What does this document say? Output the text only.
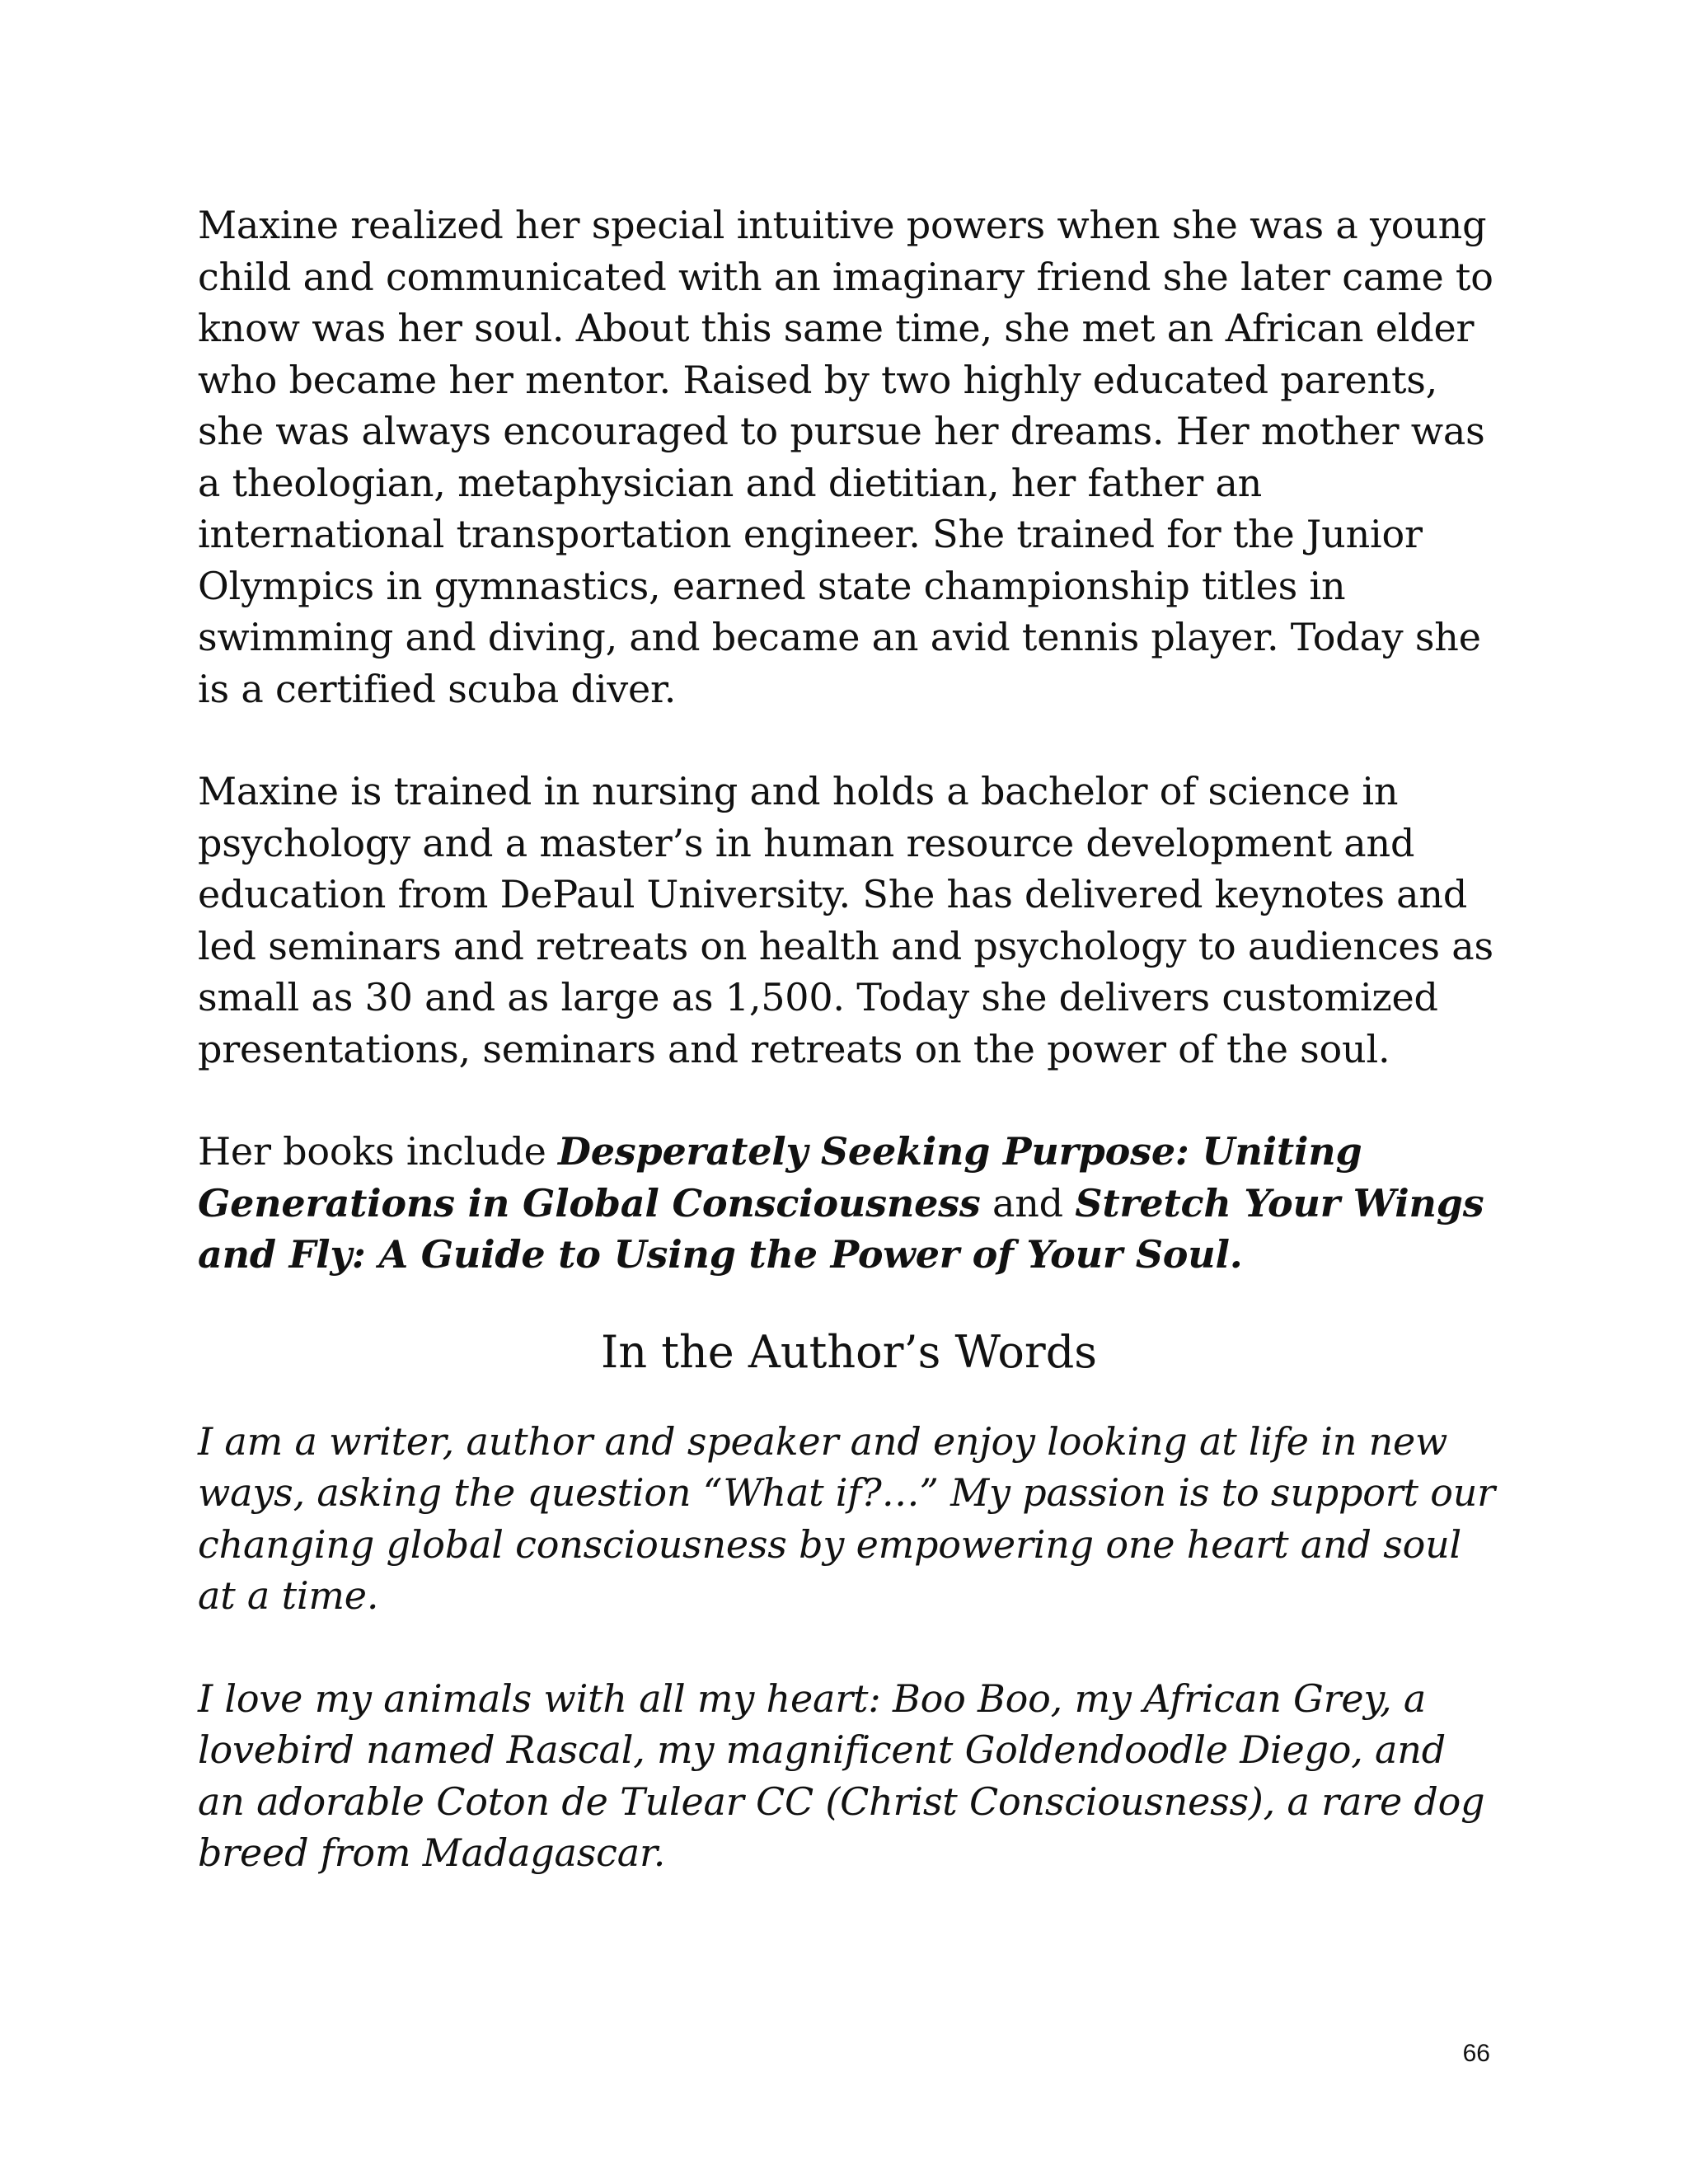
Maxine realized her special intuitive powers when she was a young child and communicated with an imaginary friend she later came to know was her soul. About this same time, she met an African elder who became her mentor. Raised by two highly educated parents, she was always encouraged to pursue her dreams. Her mother was a theologian, metaphysician and dietitian, her father an international transportation engineer. She trained for the Junior Olympics in gymnastics, earned state championship titles in swimming and diving, and became an avid tennis player. Today she is a certified scuba diver.

Maxine is trained in nursing and holds a bachelor of science in psychology and a master’s in human resource development and education from DePaul University. She has delivered keynotes and led seminars and retreats on health and psychology to audiences as small as 30 and as large as 1,500. Today she delivers customized presentations, seminars and retreats on the power of the soul.

Her books include Desperately Seeking Purpose: Uniting Generations in Global Consciousness and Stretch Your Wings and Fly: A Guide to Using the Power of Your Soul.

In the Author’s Words

I am a writer, author and speaker and enjoy looking at life in new ways, asking the question “What if?…” My passion is to support our changing global consciousness by empowering one heart and soul at a time.

I love my animals with all my heart: Boo Boo, my African Grey, a lovebird named Rascal, my magnificent Goldendoodle Diego, and an adorable Coton de Tulear CC (Christ Consciousness), a rare dog breed from Madagascar.

66
